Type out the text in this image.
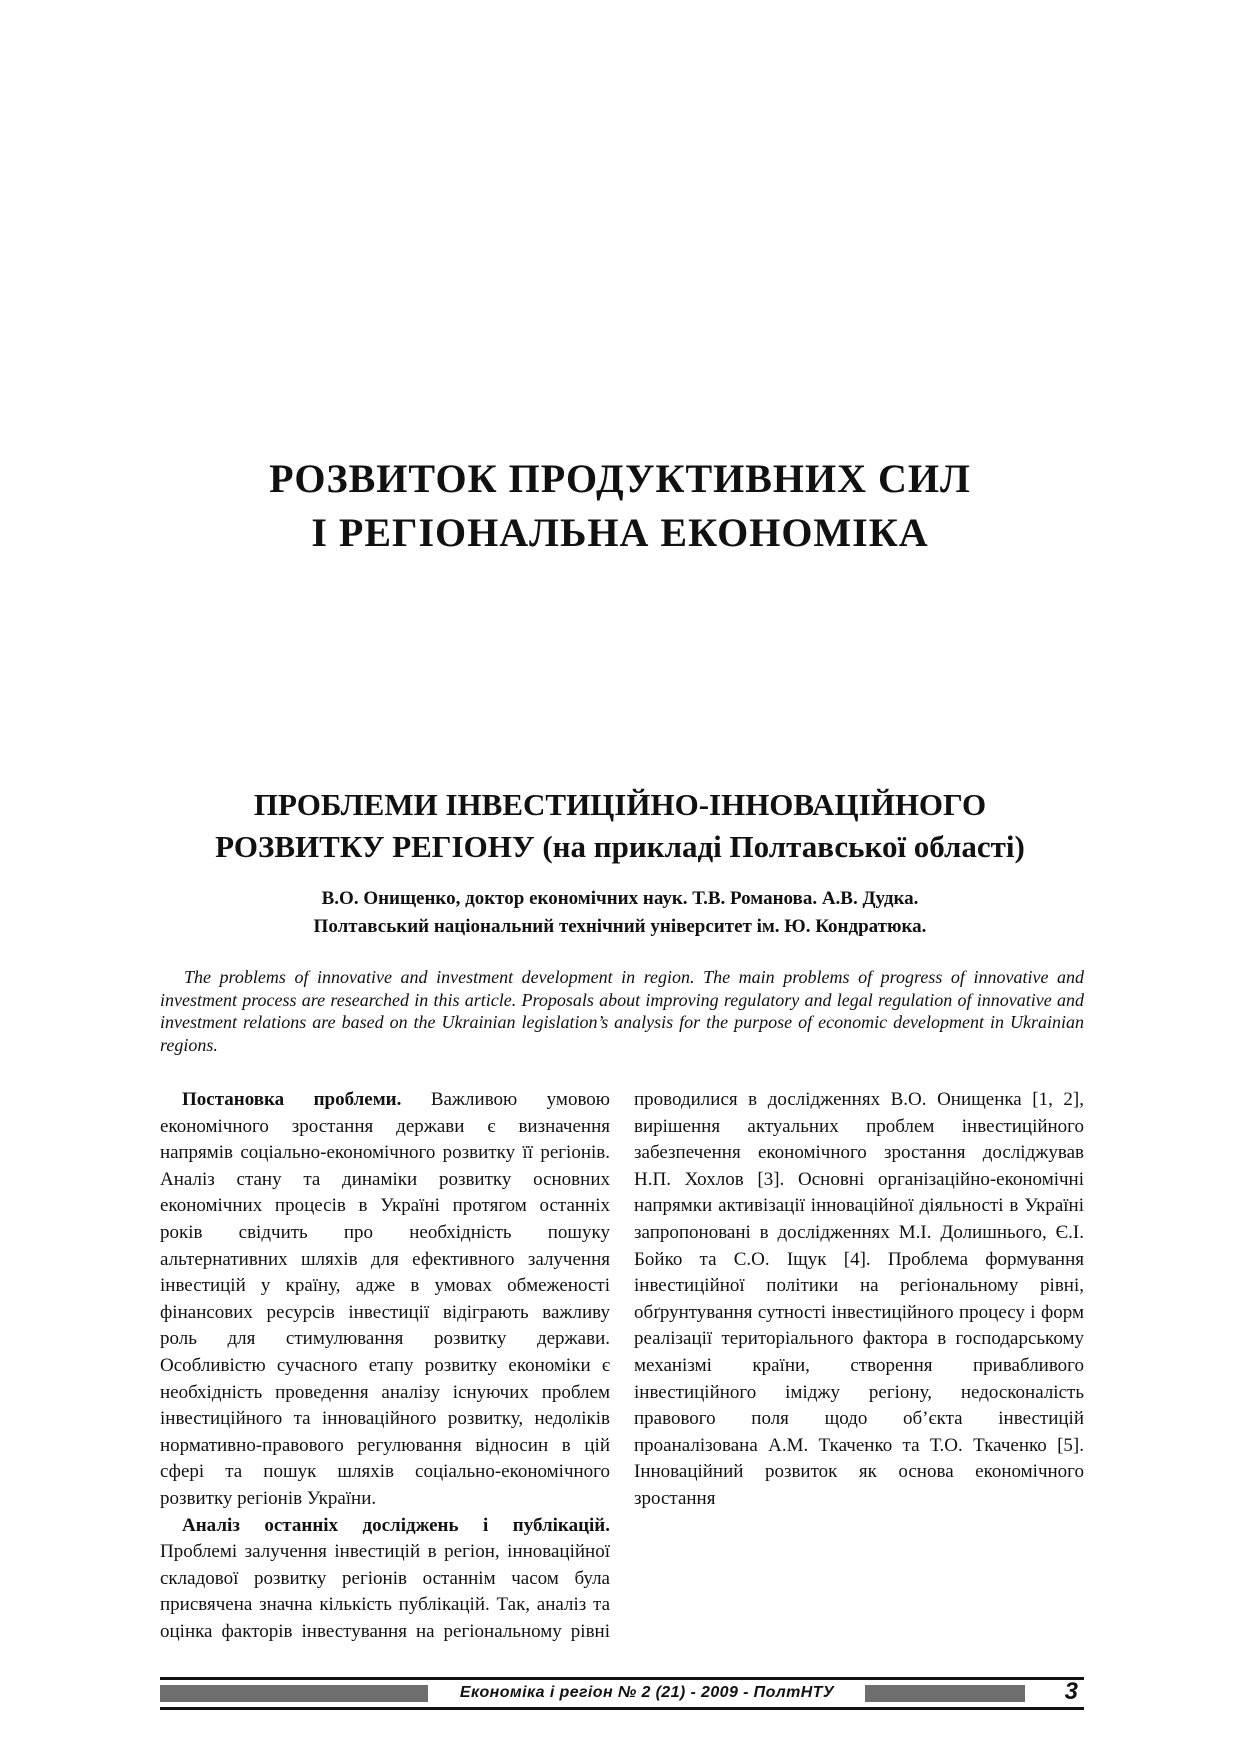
РОЗВИТОК ПРОДУКТИВНИХ СИЛ
І РЕГІОНАЛЬНА ЕКОНОМІКА
ПРОБЛЕМИ ІНВЕСТИЦІЙНО-ІННОВАЦІЙНОГО
РОЗВИТКУ РЕГІОНУ (на прикладі Полтавської області)
В.О. Онищенко, доктор економічних наук. Т.В. Романова. А.В. Дудка.
Полтавський національний технічний університет ім. Ю. Кондратюка.

The problems of innovative and investment development in region. The main problems of progress of innovative and investment process are researched in this article. Proposals about improving regulatory and legal regulation of innovative and investment relations are based on the Ukrainian legislation’s analysis for the purpose of economic development in Ukrainian regions.

Постановка проблеми. Важливою умовою економічного зростання держави є визначення напрямів соціально-економічного розвитку її регіонів. Аналіз стану та динаміки розвитку основних економічних процесів в Україні протягом останніх років свідчить про необхідність пошуку альтернативних шляхів для ефективного залучення інвестицій у країну, адже в умовах обмеженості фінансових ресурсів інвестиції відіграють важливу роль для стимулювання розвитку держави. Особливістю сучасного етапу розвитку економіки є необхідність проведення аналізу існуючих проблем інвестиційного та інноваційного розвитку, недоліків нормативно-правового регулювання відносин в цій сфері та пошук шляхів соціально-економічного розвитку регіонів України.

Аналіз останніх досліджень і публікацій. Проблемі залучення інвестицій в регіон, інноваційної складової розвитку регіонів останнім часом була присвячена значна кількість публікацій. Так, аналіз та оцінка факторів інвестування на регіональному рівні проводилися в дослідженнях В.О. Онищенка [1, 2], вирішення актуальних проблем інвестиційного забезпечення економічного зростання досліджував Н.П. Хохлов [3]. Основні організаційно-економічні напрямки активізації інноваційної діяльності в Україні запропоновані в дослідженнях М.І. Долишнього, Є.І. Бойко та С.О. Іщук [4]. Проблема формування інвестиційної політики на регіональному рівні, обґрунтування сутності інвестиційного процесу і форм реалізації територіального фактора в господарському механізмі країни, створення привабливого інвестиційного іміджу регіону, недосконалість правового поля щодо об’єкта інвестицій проаналізована А.М. Ткаченко та Т.О. Ткаченко [5]. Інноваційний розвиток як основа економічного зростання

Економіка і регіон № 2 (21) - 2009 - ПолтНТУ	3
